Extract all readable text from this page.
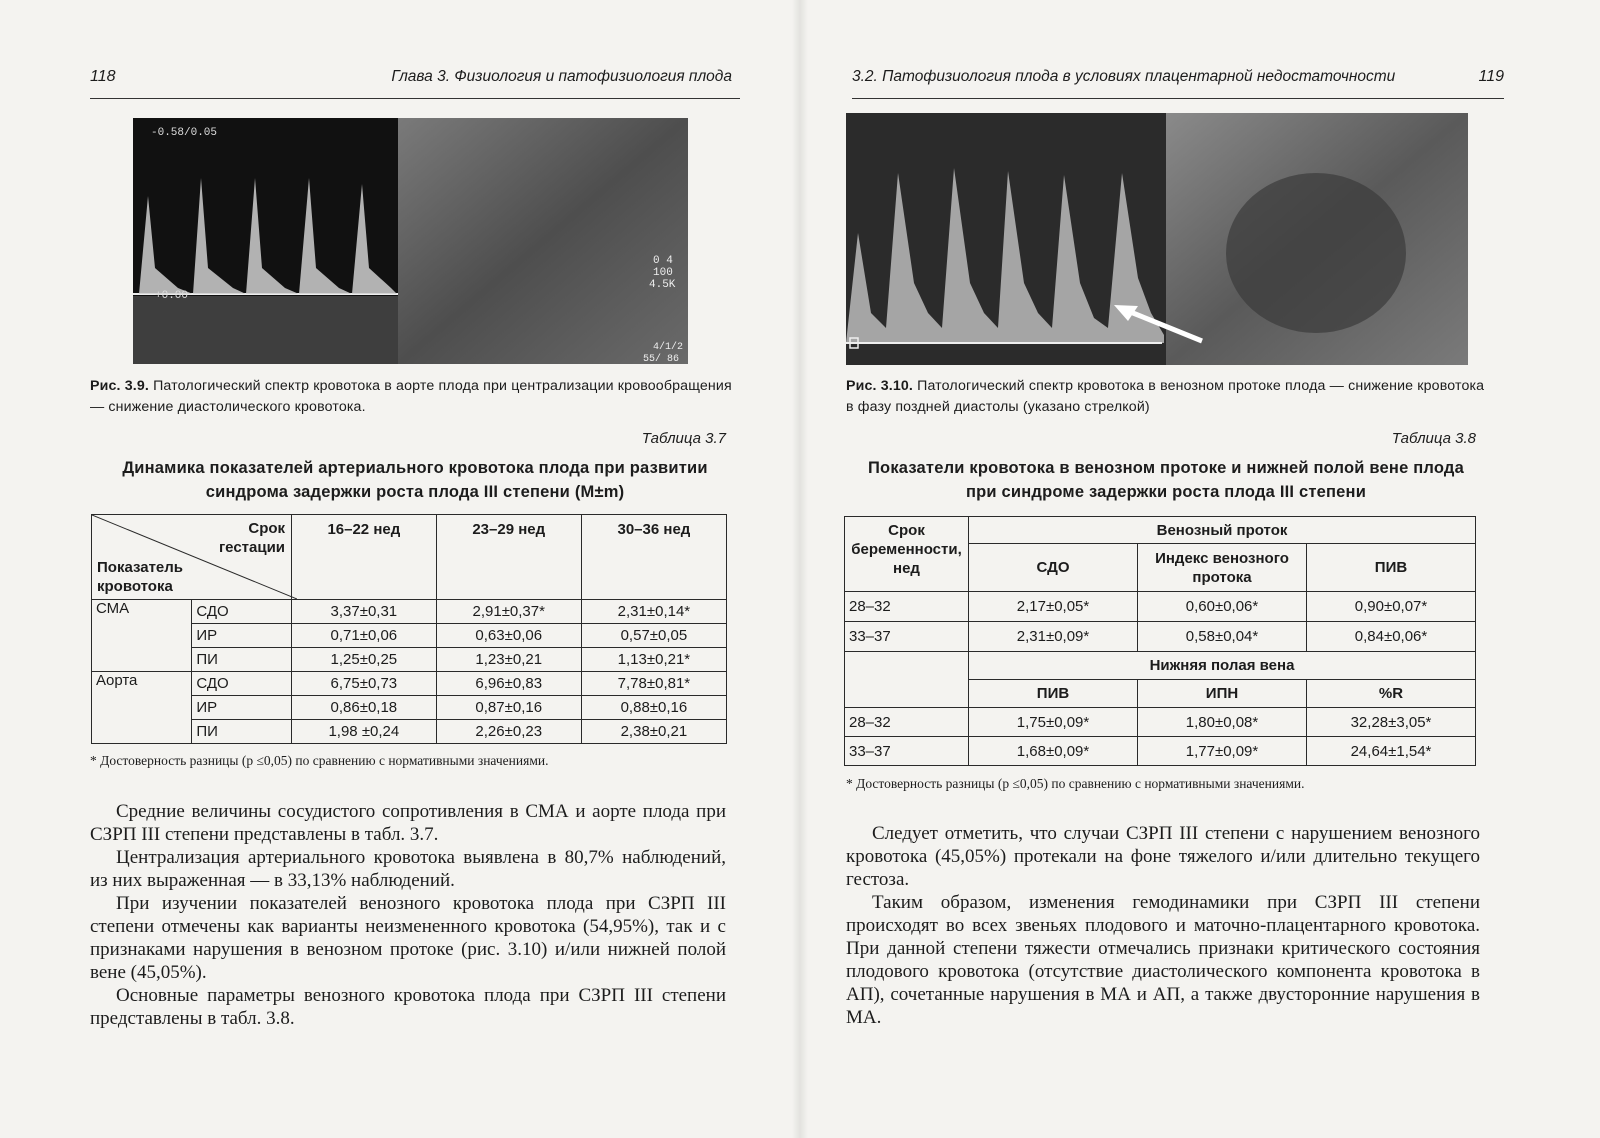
118	Глава 3. Физиология и патофизиология плода
-0.58/0.05
+0.00
0 4
100
4.5K
4/1/2
55/ 86
Рис. 3.9. Патологический спектр кровотока в аорте плода при централизации кровообращения — снижение диастолического кровотока.
Таблица 3.7
Динамика показателей артериального кровотока плода при развитии
синдрома задержки роста плода III степени (M±m)
Срок гестации
Показатель кровотока		16–22 нед	23–29 нед	30–36 нед
СМА	СДО	3,37±0,31	2,91±0,37*	2,31±0,14*
	ИР	0,71±0,06	0,63±0,06	0,57±0,05
	ПИ	1,25±0,25	1,23±0,21	1,13±0,21*
Аорта	СДО	6,75±0,73	6,96±0,83	7,78±0,81*
	ИР	0,86±0,18	0,87±0,16	0,88±0,16
	ПИ	1,98 ±0,24	2,26±0,23	2,38±0,21
* Достоверность разницы (р ≤0,05) по сравнению с нормативными значениями.

Средние величины сосудистого сопротивления в СМА и аорте плода при СЗРП III степени представлены в табл. 3.7.

Централизация артериального кровотока выявлена в 80,7% наблюдений, из них выраженная — в 33,13% наблюдений.

При изучении показателей венозного кровотока плода при СЗРП III степени отмечены как варианты неизмененного кровотока (54,95%), так и с признаками нарушения в венозном протоке (рис. 3.10) и/или нижней полой вене (45,05%).

Основные параметры венозного кровотока плода при СЗРП III степени представлены в табл. 3.8.

3.2. Патофизиология плода в условиях плацентарной недостаточности	119
Рис. 3.10. Патологический спектр кровотока в венозном протоке плода — снижение кровотока в фазу поздней диастолы (указано стрелкой)
Таблица 3.8
Показатели кровотока в венозном протоке и нижней полой вене плода
при синдроме задержки роста плода III степени
Срок беременности, нед	Венозный проток		
	СДО	Индекс венозного протока	ПИВ
28–32	2,17±0,05*	0,60±0,06*	0,90±0,07*
33–37	2,31±0,09*	0,58±0,04*	0,84±0,06*
	Нижняя полая вена		
	ПИВ	ИПН	%R
28–32	1,75±0,09*	1,80±0,08*	32,28±3,05*
33–37	1,68±0,09*	1,77±0,09*	24,64±1,54*
* Достоверность разницы (р ≤0,05) по сравнению с нормативными значениями.

Следует отметить, что случаи СЗРП III степени с нарушением венозного кровотока (45,05%) протекали на фоне тяжелого и/или длительно текущего гестоза.

Таким образом, изменения гемодинамики при СЗРП III степени происходят во всех звеньях плодового и маточно-плацентарного кровотока. При данной степени тяжести отмечались признаки критического состояния плодового кровотока (отсутствие диастолического компонента кровотока в АП), сочетанные нарушения в МА и АП, а также двусторонние нарушения в МА.
